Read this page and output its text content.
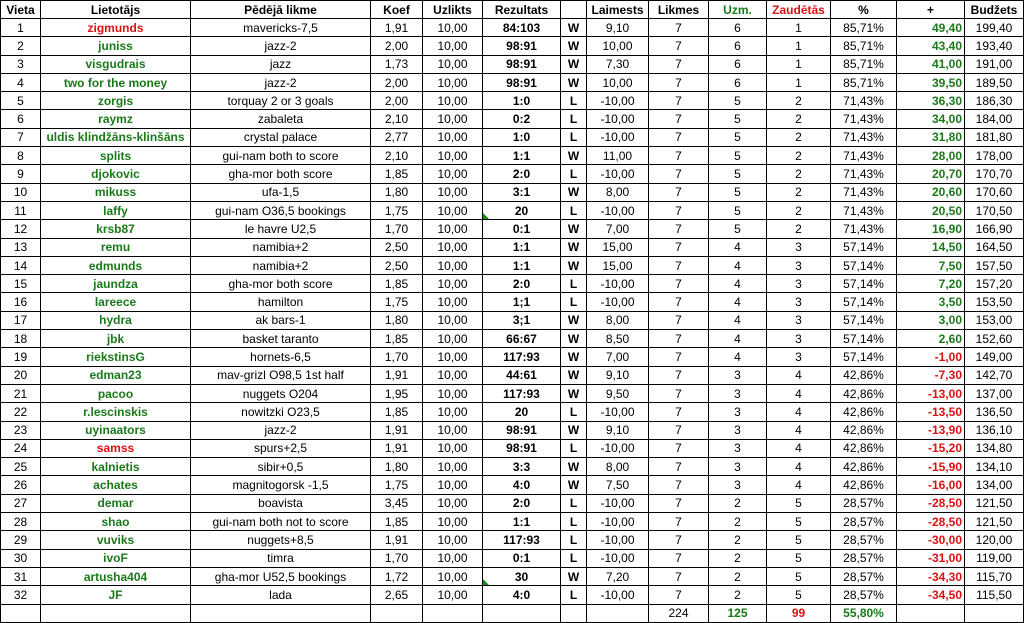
Vieta	Lietotājs	Pēdējā likme	Koef	Uzlikts	Rezultats		Laimests	Likmes	Uzm.	Zaudētās	%	+	Budžets
1	zigmunds	mavericks-7,5	1,91	10,00	84:103	W	9,10	7	6	1	85,71%	49,40	199,40
2	juniss	jazz-2	2,00	10,00	98:91	W	10,00	7	6	1	85,71%	43,40	193,40
3	visgudrais	jazz	1,73	10,00	98:91	W	7,30	7	6	1	85,71%	41,00	191,00
4	two for the money	jazz-2	2,00	10,00	98:91	W	10,00	7	6	1	85,71%	39,50	189,50
5	zorgis	torquay 2 or 3 goals	2,00	10,00	1:0	L	-10,00	7	5	2	71,43%	36,30	186,30
6	raymz	zabaleta	2,10	10,00	0:2	L	-10,00	7	5	2	71,43%	34,00	184,00
7	uldis klindžāns-klinšāns	crystal palace	2,77	10,00	1:0	L	-10,00	7	5	2	71,43%	31,80	181,80
8	splits	gui-nam both to score	2,10	10,00	1:1	W	11,00	7	5	2	71,43%	28,00	178,00
9	djokovic	gha-mor both score	1,85	10,00	2:0	L	-10,00	7	5	2	71,43%	20,70	170,70
10	mikuss	ufa-1,5	1,80	10,00	3:1	W	8,00	7	5	2	71,43%	20,60	170,60
11	laffy	gui-nam O36,5 bookings	1,75	10,00	20	L	-10,00	7	5	2	71,43%	20,50	170,50
12	krsb87	le havre U2,5	1,70	10,00	0:1	W	7,00	7	5	2	71,43%	16,90	166,90
13	remu	namibia+2	2,50	10,00	1:1	W	15,00	7	4	3	57,14%	14,50	164,50
14	edmunds	namibia+2	2,50	10,00	1:1	W	15,00	7	4	3	57,14%	7,50	157,50
15	jaundza	gha-mor both score	1,85	10,00	2:0	L	-10,00	7	4	3	57,14%	7,20	157,20
16	lareece	hamilton	1,75	10,00	1;1	L	-10,00	7	4	3	57,14%	3,50	153,50
17	hydra	ak bars-1	1,80	10,00	3;1	W	8,00	7	4	3	57,14%	3,00	153,00
18	jbk	basket taranto	1,85	10,00	66:67	W	8,50	7	4	3	57,14%	2,60	152,60
19	riekstinsG	hornets-6,5	1,70	10,00	117:93	W	7,00	7	4	3	57,14%	-1,00	149,00
20	edman23	mav-grizl O98,5 1st half	1,91	10,00	44:61	W	9,10	7	3	4	42,86%	-7,30	142,70
21	pacoo	nuggets O204	1,95	10,00	117:93	W	9,50	7	3	4	42,86%	-13,00	137,00
22	r.lescinskis	nowitzki O23,5	1,85	10,00	20	L	-10,00	7	3	4	42,86%	-13,50	136,50
23	uyinaators	jazz-2	1,91	10,00	98:91	W	9,10	7	3	4	42,86%	-13,90	136,10
24	samss	spurs+2,5	1,91	10,00	98:91	L	-10,00	7	3	4	42,86%	-15,20	134,80
25	kalnietis	sibir+0,5	1,80	10,00	3:3	W	8,00	7	3	4	42,86%	-15,90	134,10
26	achates	magnitogorsk -1,5	1,75	10,00	4:0	W	7,50	7	3	4	42,86%	-16,00	134,00
27	demar	boavista	3,45	10,00	2:0	L	-10,00	7	2	5	28,57%	-28,50	121,50
28	shao	gui-nam both not to score	1,85	10,00	1:1	L	-10,00	7	2	5	28,57%	-28,50	121,50
29	vuviks	nuggets+8,5	1,91	10,00	117:93	L	-10,00	7	2	5	28,57%	-30,00	120,00
30	ivoF	timra	1,70	10,00	0:1	L	-10,00	7	2	5	28,57%	-31,00	119,00
31	artusha404	gha-mor U52,5 bookings	1,72	10,00	30	W	7,20	7	2	5	28,57%	-34,30	115,70
32	JF	lada	2,65	10,00	4:0	L	-10,00	7	2	5	28,57%	-34,50	115,50
								224	125	99	55,80%		
